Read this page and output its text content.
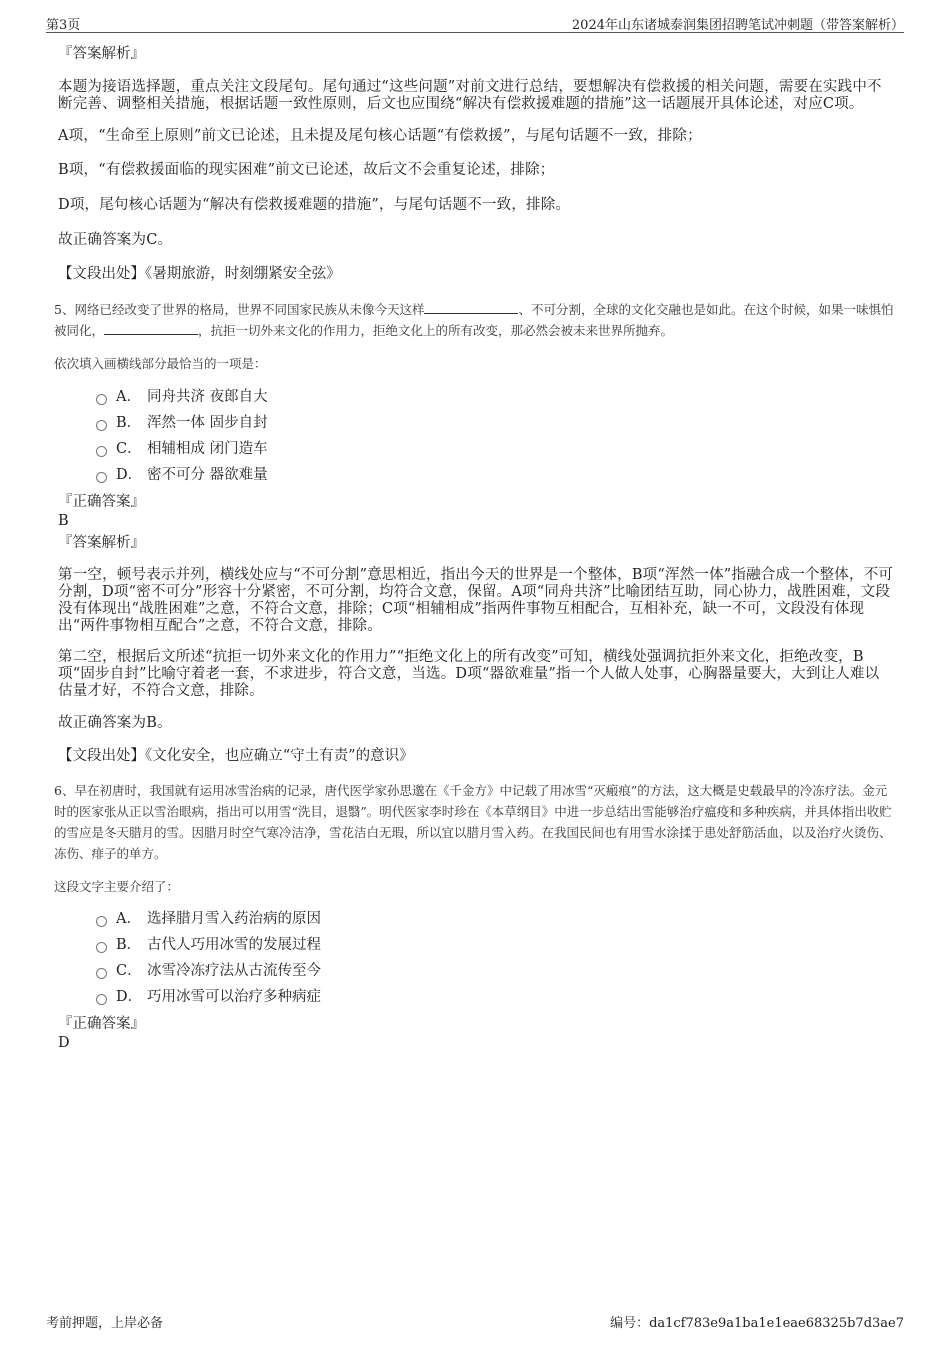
第3页	2024年山东诸城泰润集团招聘笔试冲刺题（带答案解析）
『答案解析』
本题为接语选择题，重点关注文段尾句。尾句通过“这些问题”对前文进行总结，要想解决有偿救援的相关问题，需要在实践中不断完善、调整相关措施，根据话题一致性原则，后文也应围绕“解决有偿救援难题的措施”这一话题展开具体论述，对应C项。
A项，“生命至上原则”前文已论述，且未提及尾句核心话题“有偿救援”，与尾句话题不一致，排除；
B项，“有偿救援面临的现实困难”前文已论述，故后文不会重复论述，排除；
D项，尾句核心话题为“解决有偿救援难题的措施”，与尾句话题不一致，排除。
故正确答案为C。
【文段出处】《暑期旅游，时刻绷紧安全弦》
5、网络已经改变了世界的格局，世界不同国家民族从未像今天这样	、不可分割，全球的文化交融也是如此。在这个时候，如果一味惧怕被同化，	，抗拒一切外来文化的作用力，拒绝文化上的所有改变，那必然会被未来世界所抛弃。
依次填入画横线部分最恰当的一项是：
A． 同舟共济 夜郎自大
B． 浑然一体 固步自封
C． 相辅相成 闭门造车
D． 密不可分 器欲难量
『正确答案』
B
『答案解析』
第一空，顿号表示并列，横线处应与“不可分割”意思相近，指出今天的世界是一个整体，B项“浑然一体”指融合成一个整体，不可分割，D项“密不可分”形容十分紧密，不可分割，均符合文意，保留。A项“同舟共济”比喻团结互助，同心协力，战胜困难，文段没有体现出“战胜困难”之意，不符合文意，排除；C项“相辅相成”指两件事物互相配合，互相补充，缺一不可，文段没有体现出“两件事物相互配合”之意，不符合文意，排除。
第二空，根据后文所述“抗拒一切外来文化的作用力”“拒绝文化上的所有改变”可知，横线处强调抗拒外来文化，拒绝改变，B项“固步自封”比喻守着老一套，不求进步，符合文意，当选。D项“器欲难量”指一个人做人处事，心胸器量要大，大到让人难以估量才好，不符合文意，排除。
故正确答案为B。
【文段出处】《文化安全，也应确立“守土有责”的意识》
6、早在初唐时，我国就有运用冰雪治病的记录，唐代医学家孙思邈在《千金方》中记载了用冰雪“灭瘢痕”的方法，这大概是史载最早的冷冻疗法。金元时的医家张从正以雪治眼病，指出可以用雪“洗目，退翳”。明代医家李时珍在《本草纲目》中进一步总结出雪能够治疗瘟疫和多种疾病，并具体指出收贮的雪应是冬天腊月的雪。因腊月时空气寒冷洁净，雪花洁白无瑕，所以宜以腊月雪入药。在我国民间也有用雪水涂揉于患处舒筋活血，以及治疗火烫伤、冻伤、痱子的单方。
这段文字主要介绍了：
A． 选择腊月雪入药治病的原因
B． 古代人巧用冰雪的发展过程
C． 冰雪冷冻疗法从古流传至今
D． 巧用冰雪可以治疗多种病症
『正确答案』
D
考前押题，上岸必备	编号：da1cf783e9a1ba1e1eae68325b7d3ae7
